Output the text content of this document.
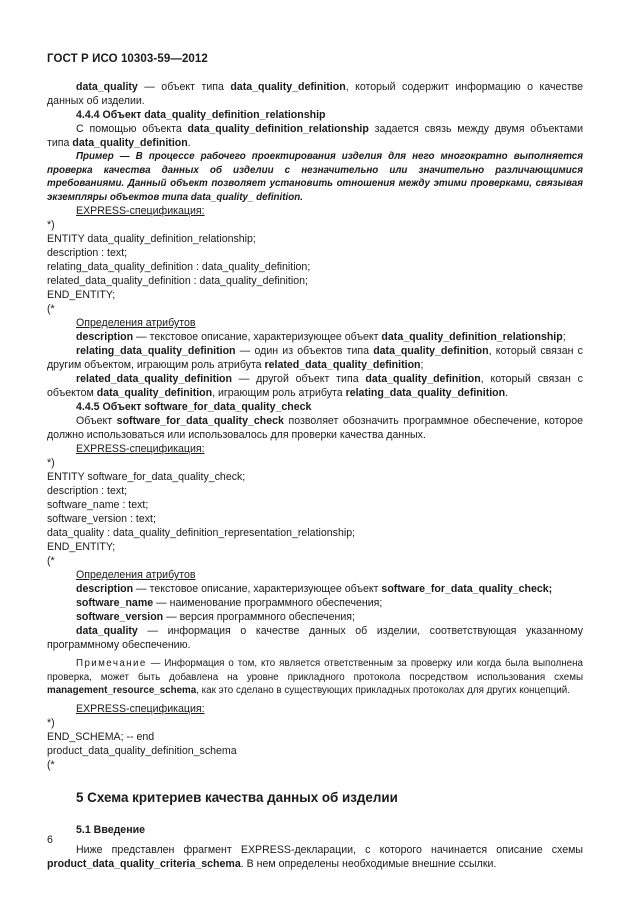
ГОСТ Р ИСО 10303-59—2012

data_quality — объект типа data_quality_definition, который содержит информацию о качестве данных об изделии.

4.4.4 Объект data_quality_definition_relationship

С помощью объекта data_quality_definition_relationship задается связь между двумя объектами типа data_quality_definition.

Пример — В процессе рабочего проектирования изделия для него многократно выполняется проверка качества данных об изделии с незначительно или значительно различающимися требованиями. Данный объект позволяет установить отношения между этими проверками, связывая экземпляры объектов типа data_quality_ definition.

EXPRESS-спецификация:

*)

ENTITY data_quality_definition_relationship;

description : text;

relating_data_quality_definition : data_quality_definition;

related_data_quality_definition : data_quality_definition;

END_ENTITY;

(*

Определения атрибутов

description — текстовое описание, характеризующее объект data_quality_definition_relationship;

relating_data_quality_definition — один из объектов типа data_quality_definition, который связан с другим объектом, играющим роль атрибута related_data_quality_definition;

related_data_quality_definition — другой объект типа data_quality_definition, который связан с объектом data_quality_definition, играющим роль атрибута relating_data_quality_definition.

4.4.5 Объект software_for_data_quality_check

Объект software_for_data_quality_check позволяет обозначить программное обеспечение, которое должно использоваться или использовалось для проверки качества данных.

EXPRESS-спецификация:

*)

ENTITY software_for_data_quality_check;

description : text;

software_name : text;

software_version : text;

data_quality : data_quality_definition_representation_relationship;

END_ENTITY;

(*

Определения атрибутов

description — текстовое описание, характеризующее объект software_for_data_quality_check;

software_name — наименование программного обеспечения;

software_version — версия программного обеспечения;

data_quality — информация о качестве данных об изделии, соответствующая указанному программному обеспечению.

Примечание — Информация о том, кто является ответственным за проверку или когда была выполнена проверка, может быть добавлена на уровне прикладного протокола посредством использования схемы management_resource_schema, как это сделано в существующих прикладных протоколах для других концепций.

EXPRESS-спецификация:

*)

END_SCHEMA; -- end

product_data_quality_definition_schema

(*

5 Схема критериев качества данных об изделии

5.1 Введение

Ниже представлен фрагмент EXPRESS-декларации, с которого начинается описание схемы product_data_quality_criteria_schema. В нем определены необходимые внешние ссылки.

6
